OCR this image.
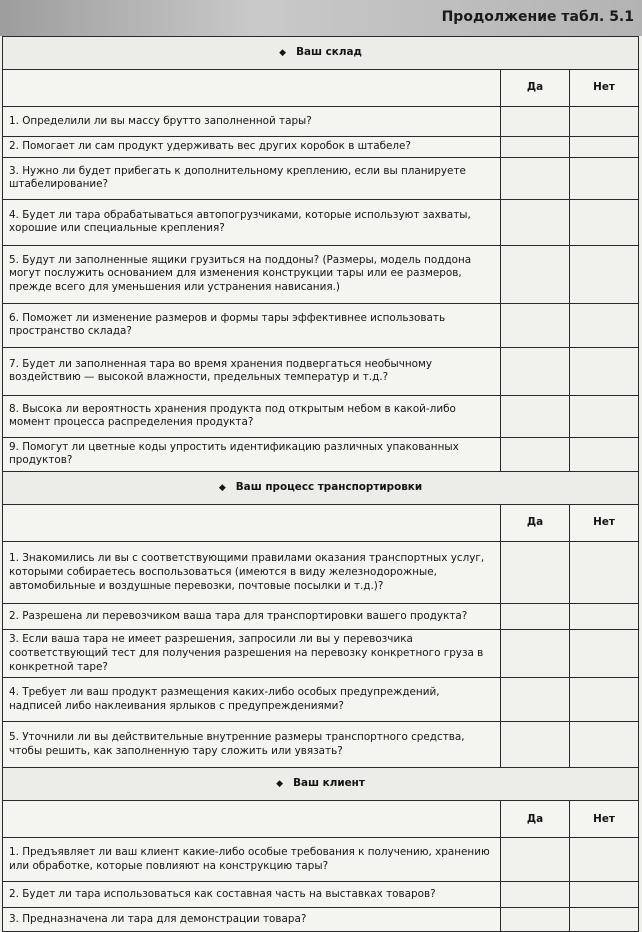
Продолжение табл. 5.1
◆ Ваш склад		
	Да	Нет
1. Определили ли вы массу брутто заполненной тары?		
2. Помогает ли сам продукт удерживать вес других коробок в штабеле?		
3. Нужно ли будет прибегать к дополнительному креплению, если вы планируете штабелирование?		
4. Будет ли тара обрабатываться автопогрузчиками, которые используют захваты, хорошие или специальные крепления?		
5. Будут ли заполненные ящики грузиться на поддоны? (Размеры, модель поддона могут послужить основанием для изменения конструкции тары или ее размеров, прежде всего для уменьшения или устранения нависания.)		
6. Поможет ли изменение размеров и формы тары эффективнее использовать пространство склада?		
7. Будет ли заполненная тара во время хранения подвергаться необычному воздействию — высокой влажности, предельных температур и т.д.?		
8. Высока ли вероятность хранения продукта под открытым небом в какой-либо момент процесса распределения продукта?		
9. Помогут ли цветные коды упростить идентификацию различных упакованных продуктов?		
◆ Ваш процесс транспортировки		
	Да	Нет
1. Знакомились ли вы с соответствующими правилами оказания транспортных услуг, которыми собираетесь воспользоваться (имеются в виду железнодорожные, автомобильные и воздушные перевозки, почтовые посылки и т.д.)?		
2. Разрешена ли перевозчиком ваша тара для транспортировки вашего продукта?		
3. Если ваша тара не имеет разрешения, запросили ли вы у перевозчика соответствующий тест для получения разрешения на перевозку конкретного груза в конкретной таре?		
4. Требует ли ваш продукт размещения каких-либо особых предупреждений, надписей либо наклеивания ярлыков с предупреждениями?		
5. Уточнили ли вы действительные внутренние размеры транспортного средства, чтобы решить, как заполненную тару сложить или увязать?		
◆ Ваш клиент		
	Да	Нет
1. Предъявляет ли ваш клиент какие-либо особые требования к получению, хранению или обработке, которые повлияют на конструкцию тары?		
2. Будет ли тара использоваться как составная часть на выставках товаров?		
3. Предназначена ли тара для демонстрации товара?		
